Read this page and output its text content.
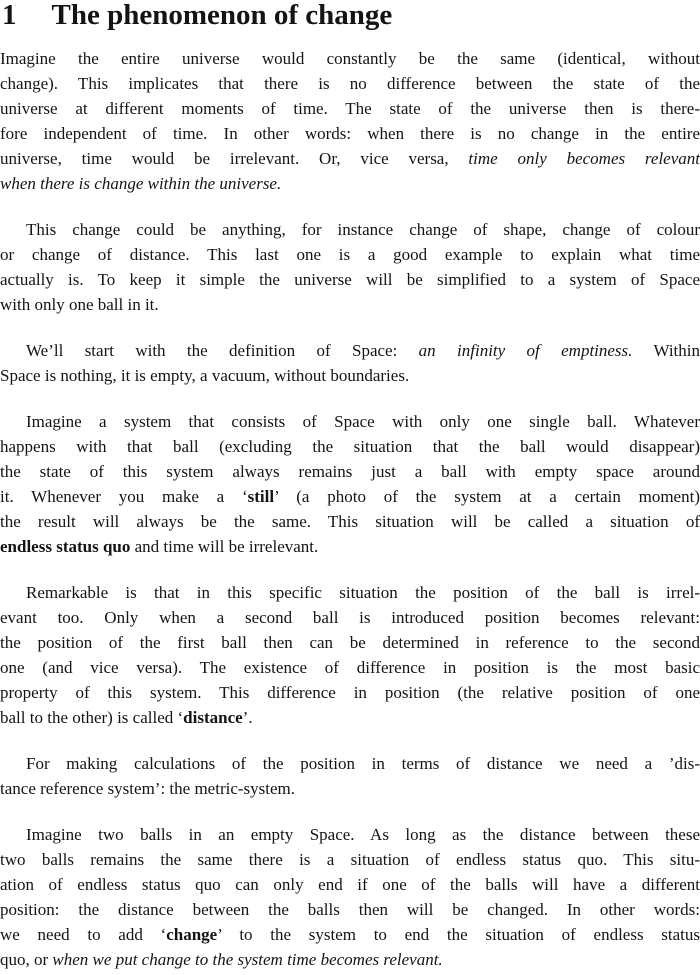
1 The phenomenon of change
Imagine the entire universe would constantly be the same (identical, without
change). This implicates that there is no difference between the state of the
universe at different moments of time. The state of the universe then is there-
fore independent of time. In other words: when there is no change in the entire
universe, time would be irrelevant. Or, vice versa, time only becomes relevant
when there is change within the universe.
This change could be anything, for instance change of shape, change of colour
or change of distance. This last one is a good example to explain what time
actually is. To keep it simple the universe will be simplified to a system of Space
with only one ball in it.
We’ll start with the definition of Space: an infinity of emptiness. Within
Space is nothing, it is empty, a vacuum, without boundaries.
Imagine a system that consists of Space with only one single ball. Whatever
happens with that ball (excluding the situation that the ball would disappear)
the state of this system always remains just a ball with empty space around
it. Whenever you make a ‘still’ (a photo of the system at a certain moment)
the result will always be the same. This situation will be called a situation of
endless status quo and time will be irrelevant.
Remarkable is that in this specific situation the position of the ball is irrel-
evant too. Only when a second ball is introduced position becomes relevant:
the position of the first ball then can be determined in reference to the second
one (and vice versa). The existence of difference in position is the most basic
property of this system. This difference in position (the relative position of one
ball to the other) is called ‘distance’.
For making calculations of the position in terms of distance we need a ’dis-
tance reference system’: the metric-system.
Imagine two balls in an empty Space. As long as the distance between these
two balls remains the same there is a situation of endless status quo. This situ-
ation of endless status quo can only end if one of the balls will have a different
position: the distance between the balls then will be changed. In other words:
we need to add ‘change’ to the system to end the situation of endless status
quo, or when we put change to the system time becomes relevant.
